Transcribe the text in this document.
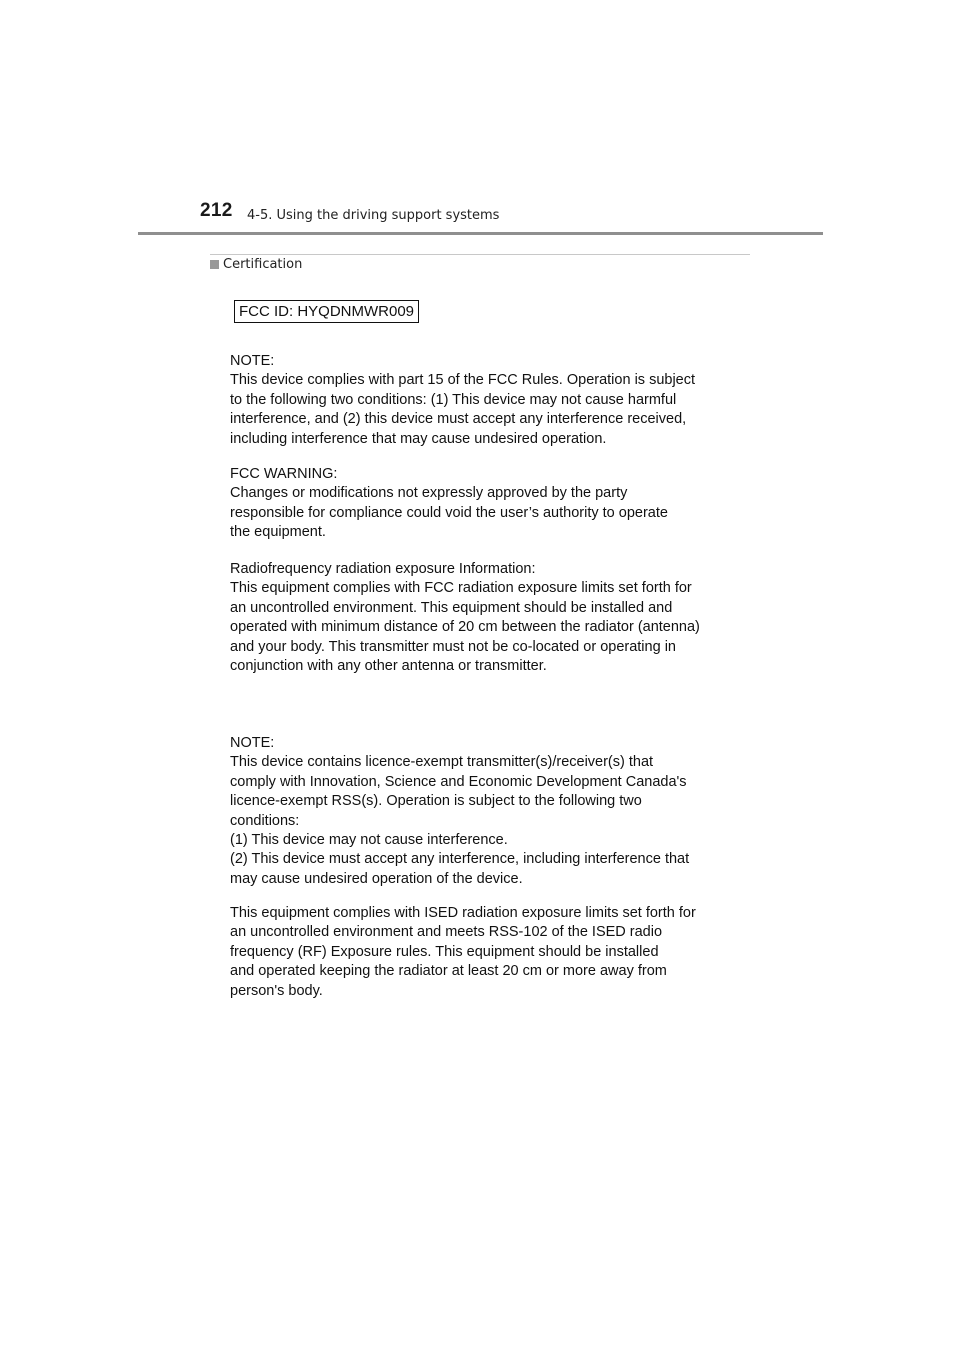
212 4-5. Using the driving support systems
Certification
FCC ID: HYQDNMWR009
NOTE:
This device complies with part 15 of the FCC Rules. Operation is subject
to the following two conditions: (1) This device may not cause harmful
interference, and (2) this device must accept any interference received,
including interference that may cause undesired operation.
FCC WARNING:
Changes or modifications not expressly approved by the party
responsible for compliance could void the user’s authority to operate
the equipment.
Radiofrequency radiation exposure Information:
This equipment complies with FCC radiation exposure limits set forth for
an uncontrolled environment. This equipment should be installed and
operated with minimum distance of 20 cm between the radiator (antenna)
and your body. This transmitter must not be co-located or operating in
conjunction with any other antenna or transmitter.
NOTE:
This device contains licence-exempt transmitter(s)/receiver(s) that
comply with Innovation, Science and Economic Development Canada's
licence-exempt RSS(s). Operation is subject to the following two
conditions:
(1) This device may not cause interference.
(2) This device must accept any interference, including interference that
may cause undesired operation of the device.
This equipment complies with ISED radiation exposure limits set forth for
an uncontrolled environment and meets RSS-102 of the ISED radio
frequency (RF) Exposure rules. This equipment should be installed
and operated keeping the radiator at least 20 cm or more away from
person's body.
